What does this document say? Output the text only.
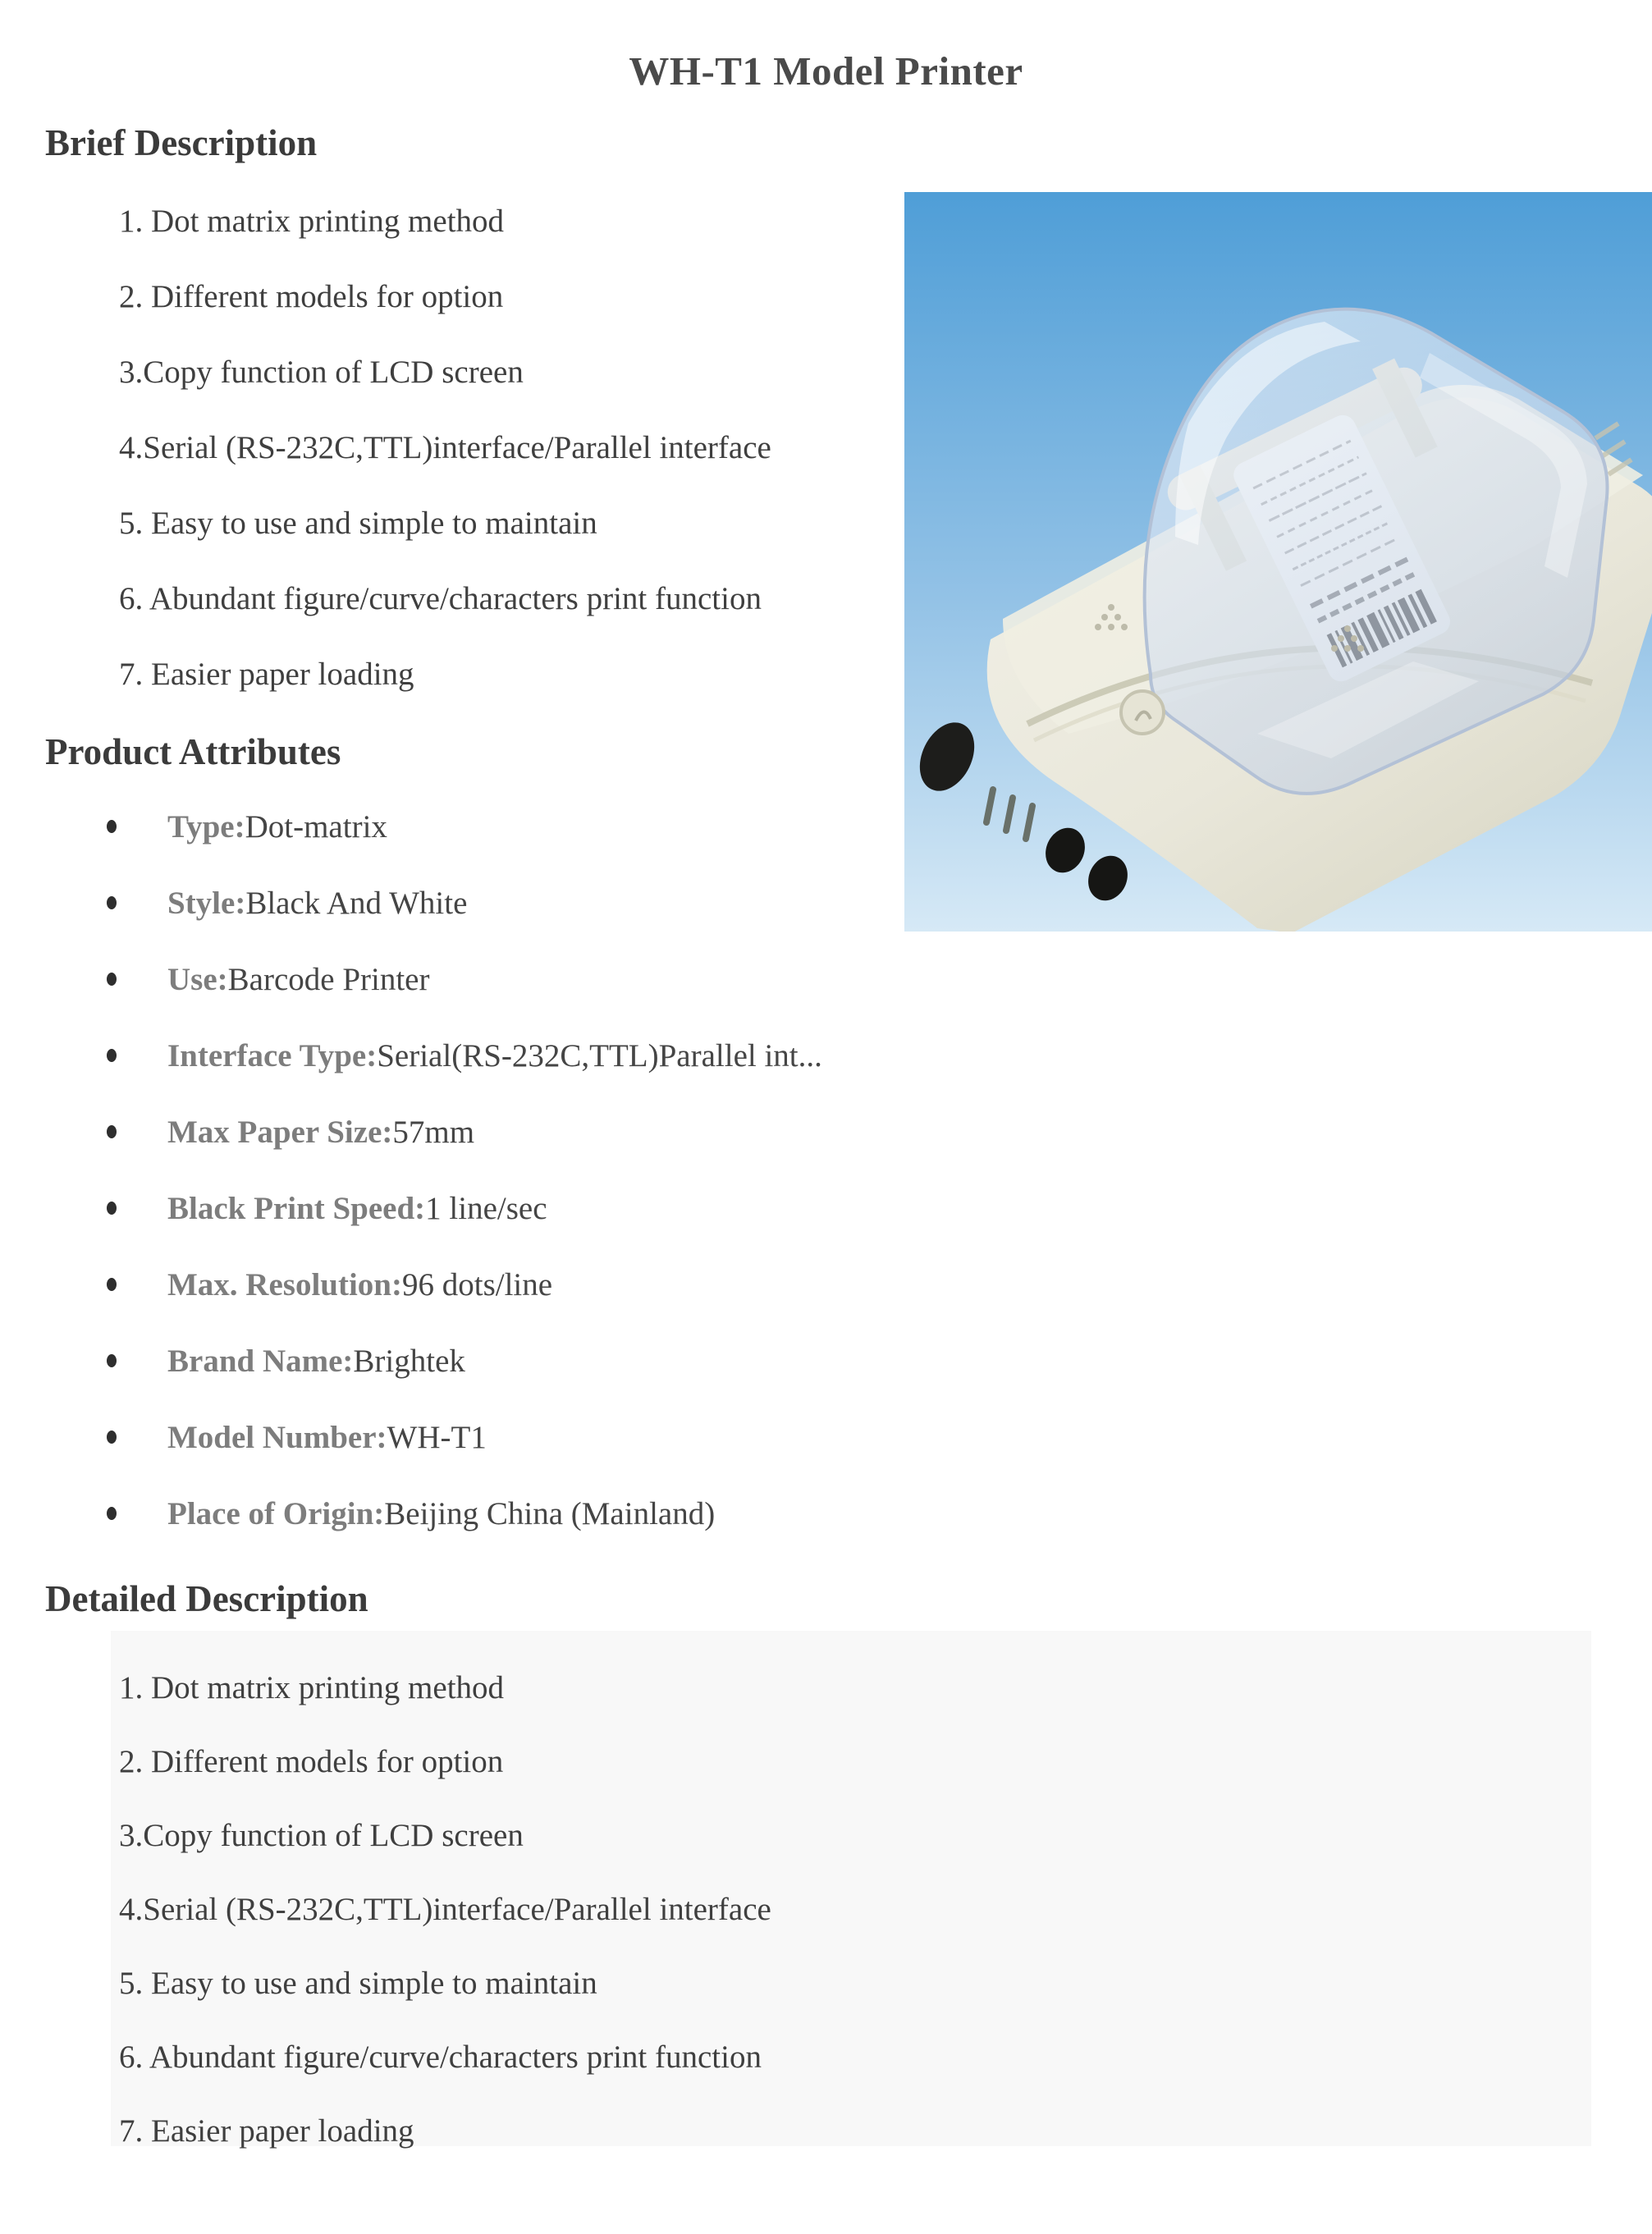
WH-T1 Model Printer
Brief Description
1. Dot matrix printing method
2. Different models for option
3.Copy function of LCD screen
4.Serial (RS-232C,TTL)interface/Parallel interface
5. Easy to use and simple to maintain
6. Abundant figure/curve/characters print function
7. Easier paper loading
Product Attributes
Type:Dot-matrix
Style:Black And White
Use:Barcode Printer
Interface Type:Serial(RS-232C,TTL)Parallel int...
Max Paper Size:57mm
Black Print Speed:1 line/sec
Max. Resolution:96 dots/line
Brand Name:Brightek
Model Number:WH-T1
Place of Origin:Beijing China (Mainland)
Detailed Description
1. Dot matrix printing method
2. Different models for option
3.Copy function of LCD screen
4.Serial (RS-232C,TTL)interface/Parallel interface
5. Easy to use and simple to maintain
6. Abundant figure/curve/characters print function
7. Easier paper loading
